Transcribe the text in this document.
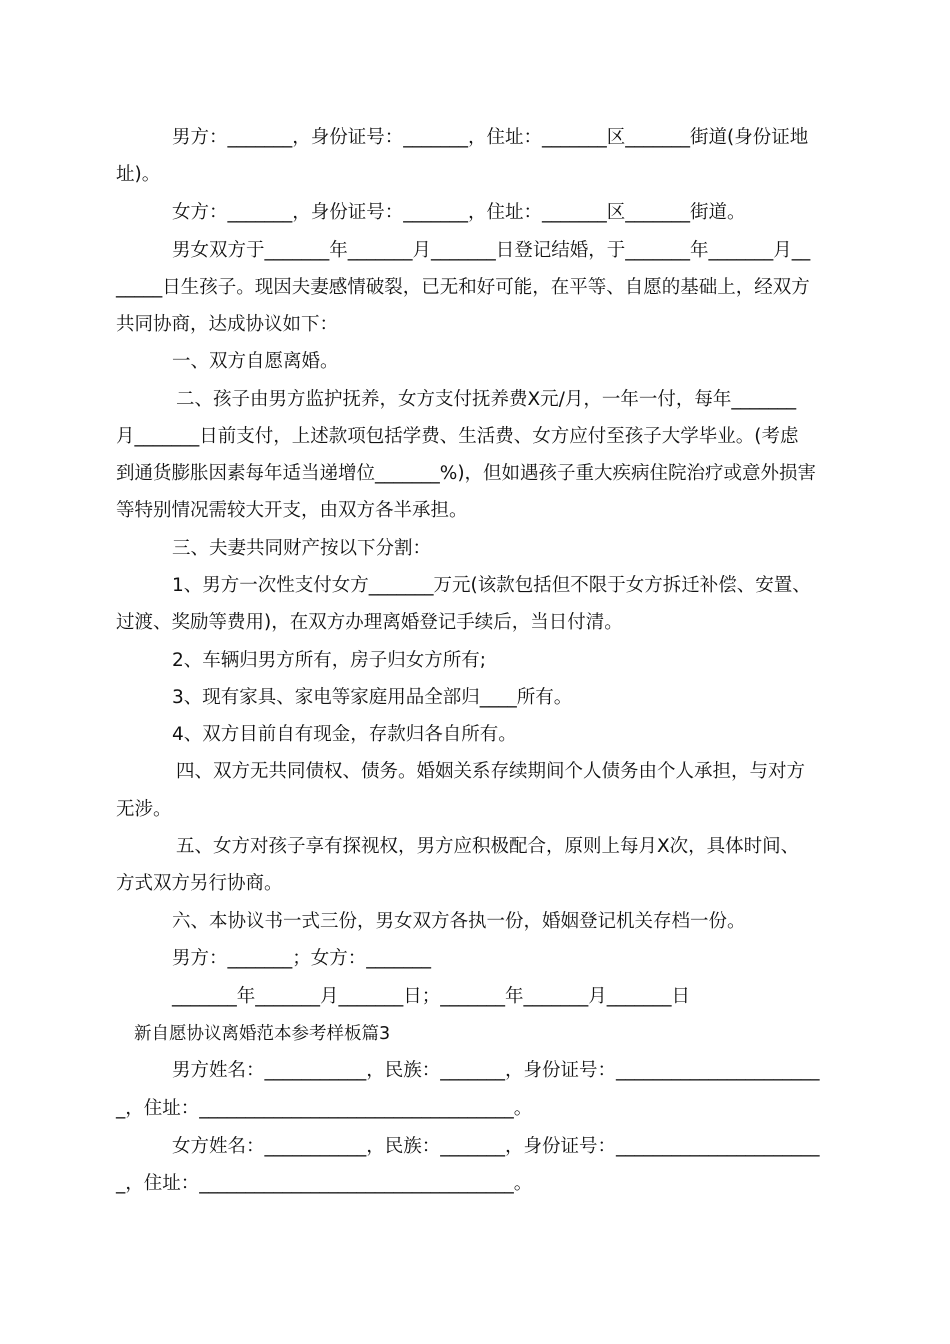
男方：_______，身份证号：_______，住址：_______区_______街道(身份证地
址)。
女方：_______，身份证号：_______，住址：_______区_______街道。
男女双方于_______年_______月_______日登记结婚，于_______年_______月__
_____日生孩子。现因夫妻感情破裂，已无和好可能，在平等、自愿的基础上，经双方
共同协商，达成协议如下：
一、双方自愿离婚。
二、孩子由男方监护抚养，女方支付抚养费X元/月，一年一付，每年_______
月_______日前支付，上述款项包括学费、生活费、女方应付至孩子大学毕业。(考虑
到通货膨胀因素每年适当递增位_______%)，但如遇孩子重大疾病住院治疗或意外损害
等特别情况需较大开支，由双方各半承担。
三、夫妻共同财产按以下分割：
1、男方一次性支付女方_______万元(该款包括但不限于女方拆迁补偿、安置、
过渡、奖励等费用)，在双方办理离婚登记手续后，当日付清。
2、车辆归男方所有，房子归女方所有;
3、现有家具、家电等家庭用品全部归____所有。
4、双方目前自有现金，存款归各自所有。
四、双方无共同债权、债务。婚姻关系存续期间个人债务由个人承担，与对方
无涉。
五、女方对孩子享有探视权，男方应积极配合，原则上每月X次，具体时间、
方式双方另行协商。
六、本协议书一式三份，男女双方各执一份，婚姻登记机关存档一份。
男方：_______；女方：_______
_______年_______月_______日；_______年_______月_______日
新自愿协议离婚范本参考样板篇3
男方姓名：___________，民族：_______，身份证号：______________________
_，住址：__________________________________。
女方姓名：___________，民族：_______，身份证号：______________________
_，住址：__________________________________。
